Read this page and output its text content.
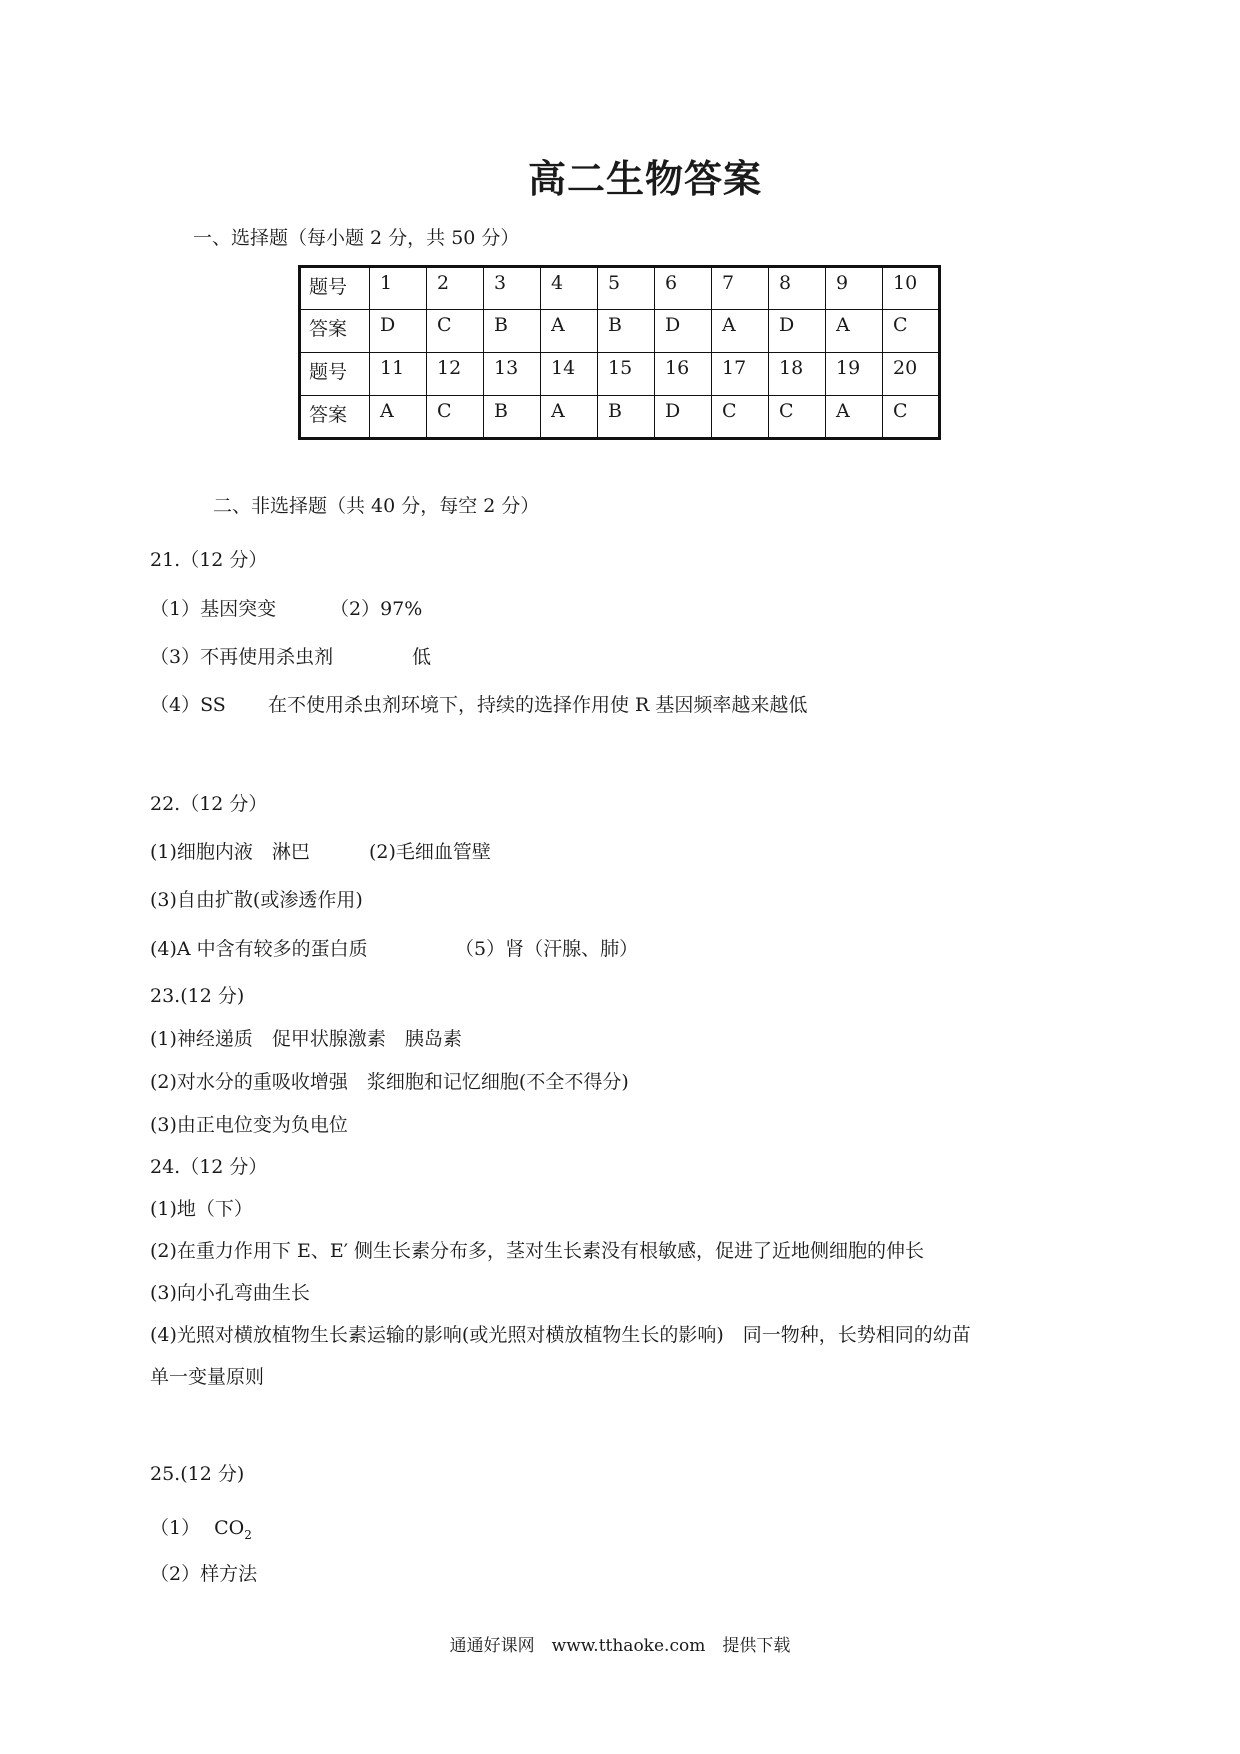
高二生物答案
一、选择题（每小题 2 分，共 50 分）
题号	1	2	3	4	5	6	7	8	9	10
答案	D	C	B	A	B	D	A	D	A	C
题号	11	12	13	14	15	16	17	18	19	20
答案	A	C	B	A	B	D	C	C	A	C
二、非选择题（共 40 分，每空 2 分）
21.（12 分）
（1）基因突变	（2）97%
（3）不再使用杀虫剂	低
（4）SS 在不使用杀虫剂环境下，持续的选择作用使 R 基因频率越来越低
22.（12 分）
(1)细胞内液　淋巴	(2)毛细血管壁
(3)自由扩散(或渗透作用)
(4)A 中含有较多的蛋白质	（5）肾（汗腺、肺）
23.(12 分)
(1)神经递质　促甲状腺激素　胰岛素
(2)对水分的重吸收增强　浆细胞和记忆细胞(不全不得分)
(3)由正电位变为负电位
24.（12 分）
(1)地（下）
(2)在重力作用下 E、E′ 侧生长素分布多，茎对生长素没有根敏感，促进了近地侧细胞的伸长
(3)向小孔弯曲生长
(4)光照对横放植物生长素运输的影响(或光照对横放植物生长的影响)　同一物种，长势相同的幼苗
单一变量原则
25.(12 分)
（1） $CO_2$
（2）样方法
通通好课网　www.tthaoke.com　提供下载
